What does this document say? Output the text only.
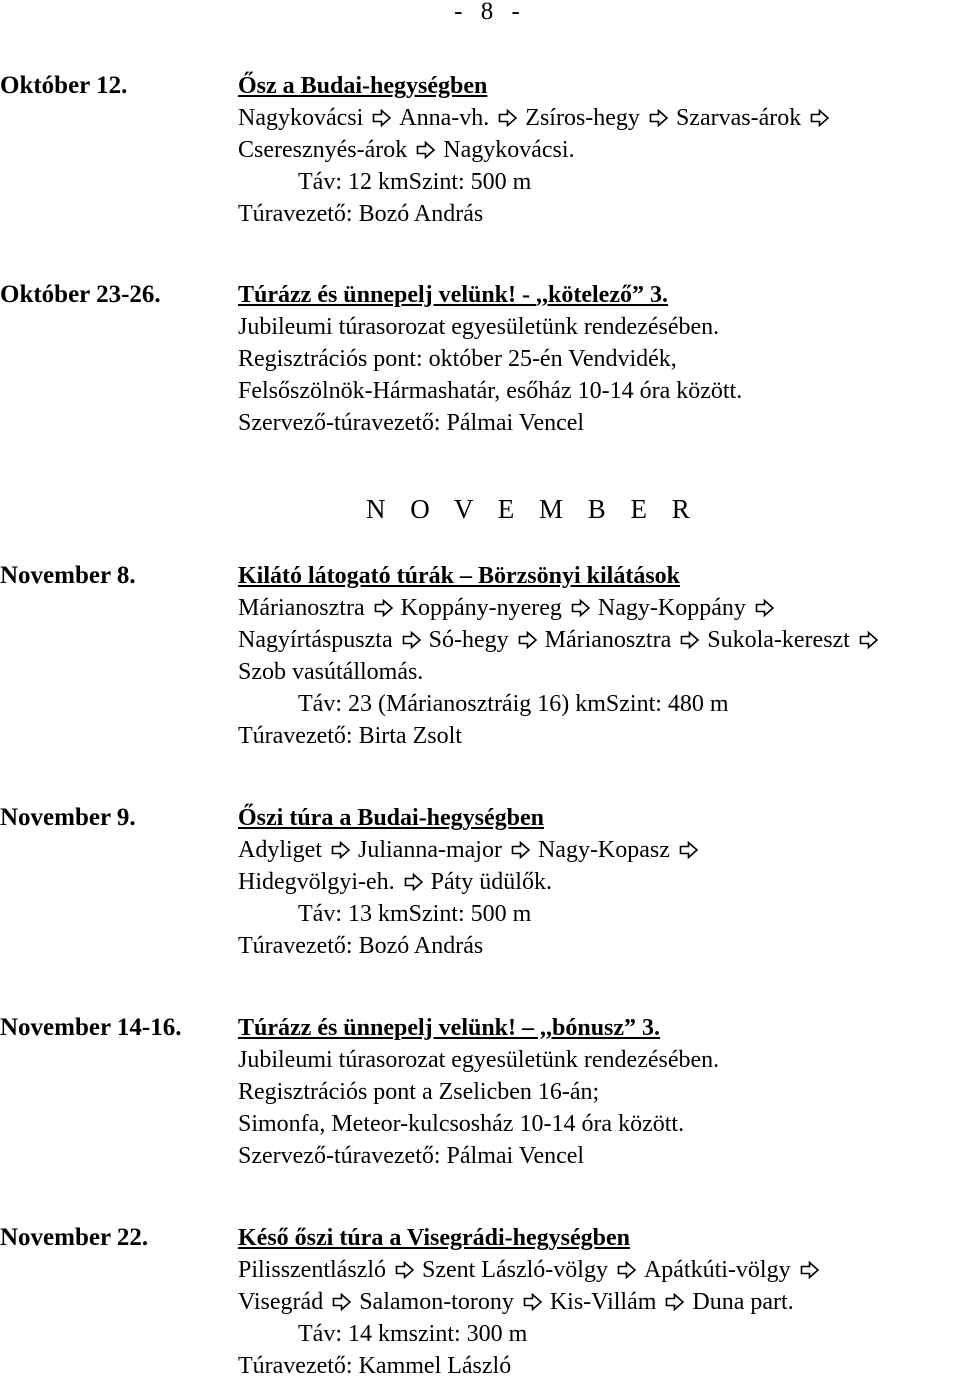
- 8 -
Október 12.	Ősz a Budai-hegységben
Nagykovácsi Anna-vh. Zsíros-hegy Szarvas-árok
Cseresznyés-árok Nagykovácsi.
Táv: 12 kmSzint: 500 m
Túravezető: Bozó András
Október 23-26.	Túrázz és ünnepelj velünk! - ,,kötelező” 3.
Jubileumi túrasorozat egyesületünk rendezésében.
Regisztrációs pont: október 25-én Vendvidék,
Felsőszölnök-Hármashatár, esőház 10-14 óra között.
Szervező-túravezető: Pálmai Vencel
N O V E M B E R
November 8.	Kilátó látogató túrák – Börzsönyi kilátások
Márianosztra Koppány-nyereg Nagy-Koppány
Nagyírtáspuszta Só-hegy Márianosztra Sukola-kereszt
Szob vasútállomás.
Táv: 23 (Márianosztráig 16) kmSzint: 480 m
Túravezető: Birta Zsolt
November 9.	Őszi túra a Budai-hegységben
Adyliget Julianna-major Nagy-Kopasz
Hidegvölgyi-eh. Páty üdülők.
Táv: 13 kmSzint: 500 m
Túravezető: Bozó András
November 14-16. Túrázz és ünnepelj velünk! – ,,bónusz” 3.
Jubileumi túrasorozat egyesületünk rendezésében.
Regisztrációs pont a Zselicben 16-án;
Simonfa, Meteor-kulcsosház 10-14 óra között.
Szervező-túravezető: Pálmai Vencel
November 22.	Késő őszi túra a Visegrádi-hegységben
Pilisszentlászló Szent László-völgy Apátkúti-völgy
Visegrád Salamon-torony Kis-Villám Duna part.
Táv: 14 kmszint: 300 m
Túravezető: Kammel László
